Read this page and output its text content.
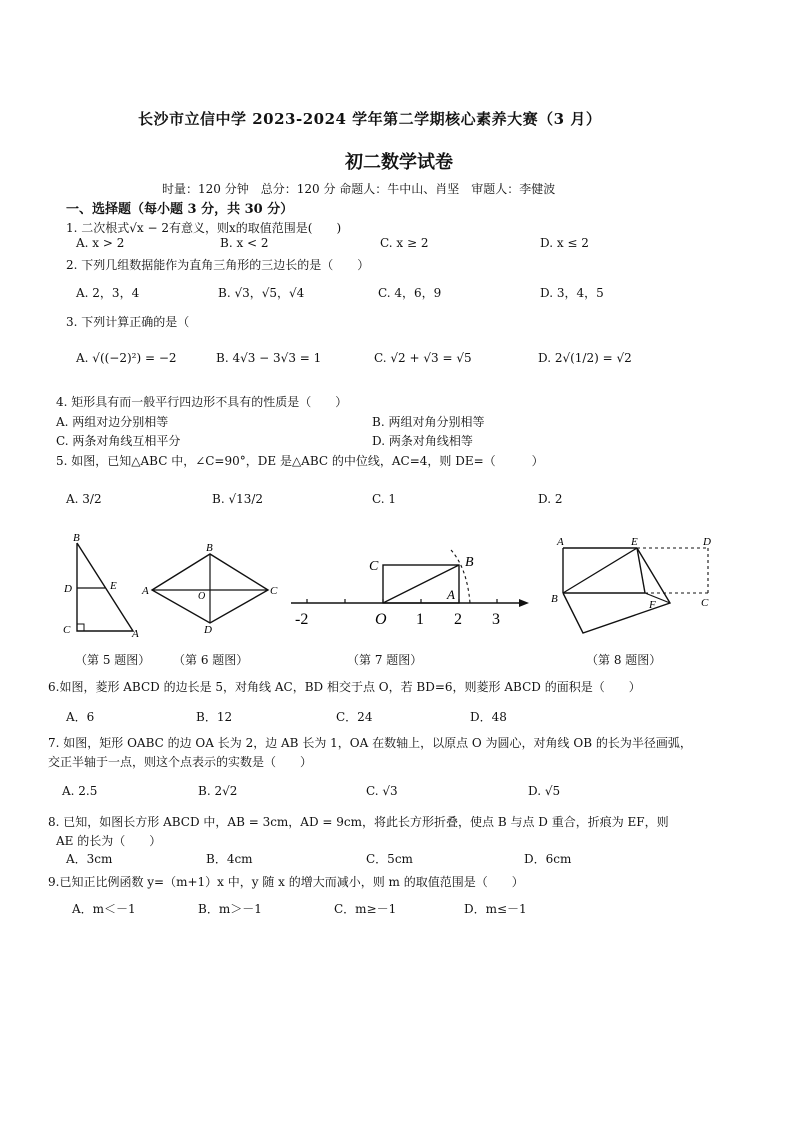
长沙市立信中学 2023-2024 学年第二学期核心素养大赛（3 月）
初二数学试卷
时量：120 分钟　总分：120 分 命题人：牛中山、肖坚　审题人：李健波
一、选择题（每小题 3 分，共 30 分）
1. 二次根式√x − 2有意义，则x的取值范围是(　　)
A. x > 2	B. x < 2	C. x ≥ 2	D. x ≤ 2
2. 下列几组数据能作为直角三角形的三边长的是（　　）
A. 2，3，4	B. √3，√5，√4	C. 4，6，9	D. 3，4，5
3. 下列计算正确的是（
A. √((−2)²) = −2	B. 4√3 − 3√3 = 1	C. √2 + √3 = √5	D. 2√(1/2) = √2
4. 矩形具有而一般平行四边形不具有的性质是（　　）
A. 两组对边分别相等	B. 两组对角分别相等
C. 两条对角线互相平分	D. 两条对角线相等
5. 如图，已知△ABC 中，∠C=90°，DE 是△ABC 的中位线，AC=4，则 DE=（　　　）
A. 3/2	B. √13/2	C. 1	D. 2
B
D	E
C	A
（第 5 题图）
A
B
C
D
O
（第 6 题图）
C	B
A
-2	O 1 2 3
（第 7 题图）
A	E	D
B	F	C
（第 8 题图）
6.如图，菱形 ABCD 的边长是 5，对角线 AC，BD 相交于点 O，若 BD=6，则菱形 ABCD 的面积是（　　）
A．6	B．12	C．24	D．48
7. 如图，矩形 OABC 的边 OA 长为 2，边 AB 长为 1，OA 在数轴上，以原点 O 为圆心，对角线 OB 的长为半径画弧，
交正半轴于一点，则这个点表示的实数是（　　）
A. 2.5	B. 2√2	C. √3	D. √5
8. 已知，如图长方形 ABCD 中，AB = 3cm，AD = 9cm，将此长方形折叠，使点 B 与点 D 重合，折痕为 EF，则
AE 的长为（　　）
A．3cm	B．4cm	C．5cm	D．6cm
9.已知正比例函数 y=（m+1）x 中，y 随 x 的增大而减小，则 m 的取值范围是（　　）
A．m＜－1	B．m＞－1	C．m≥－1	D．m≤－1
